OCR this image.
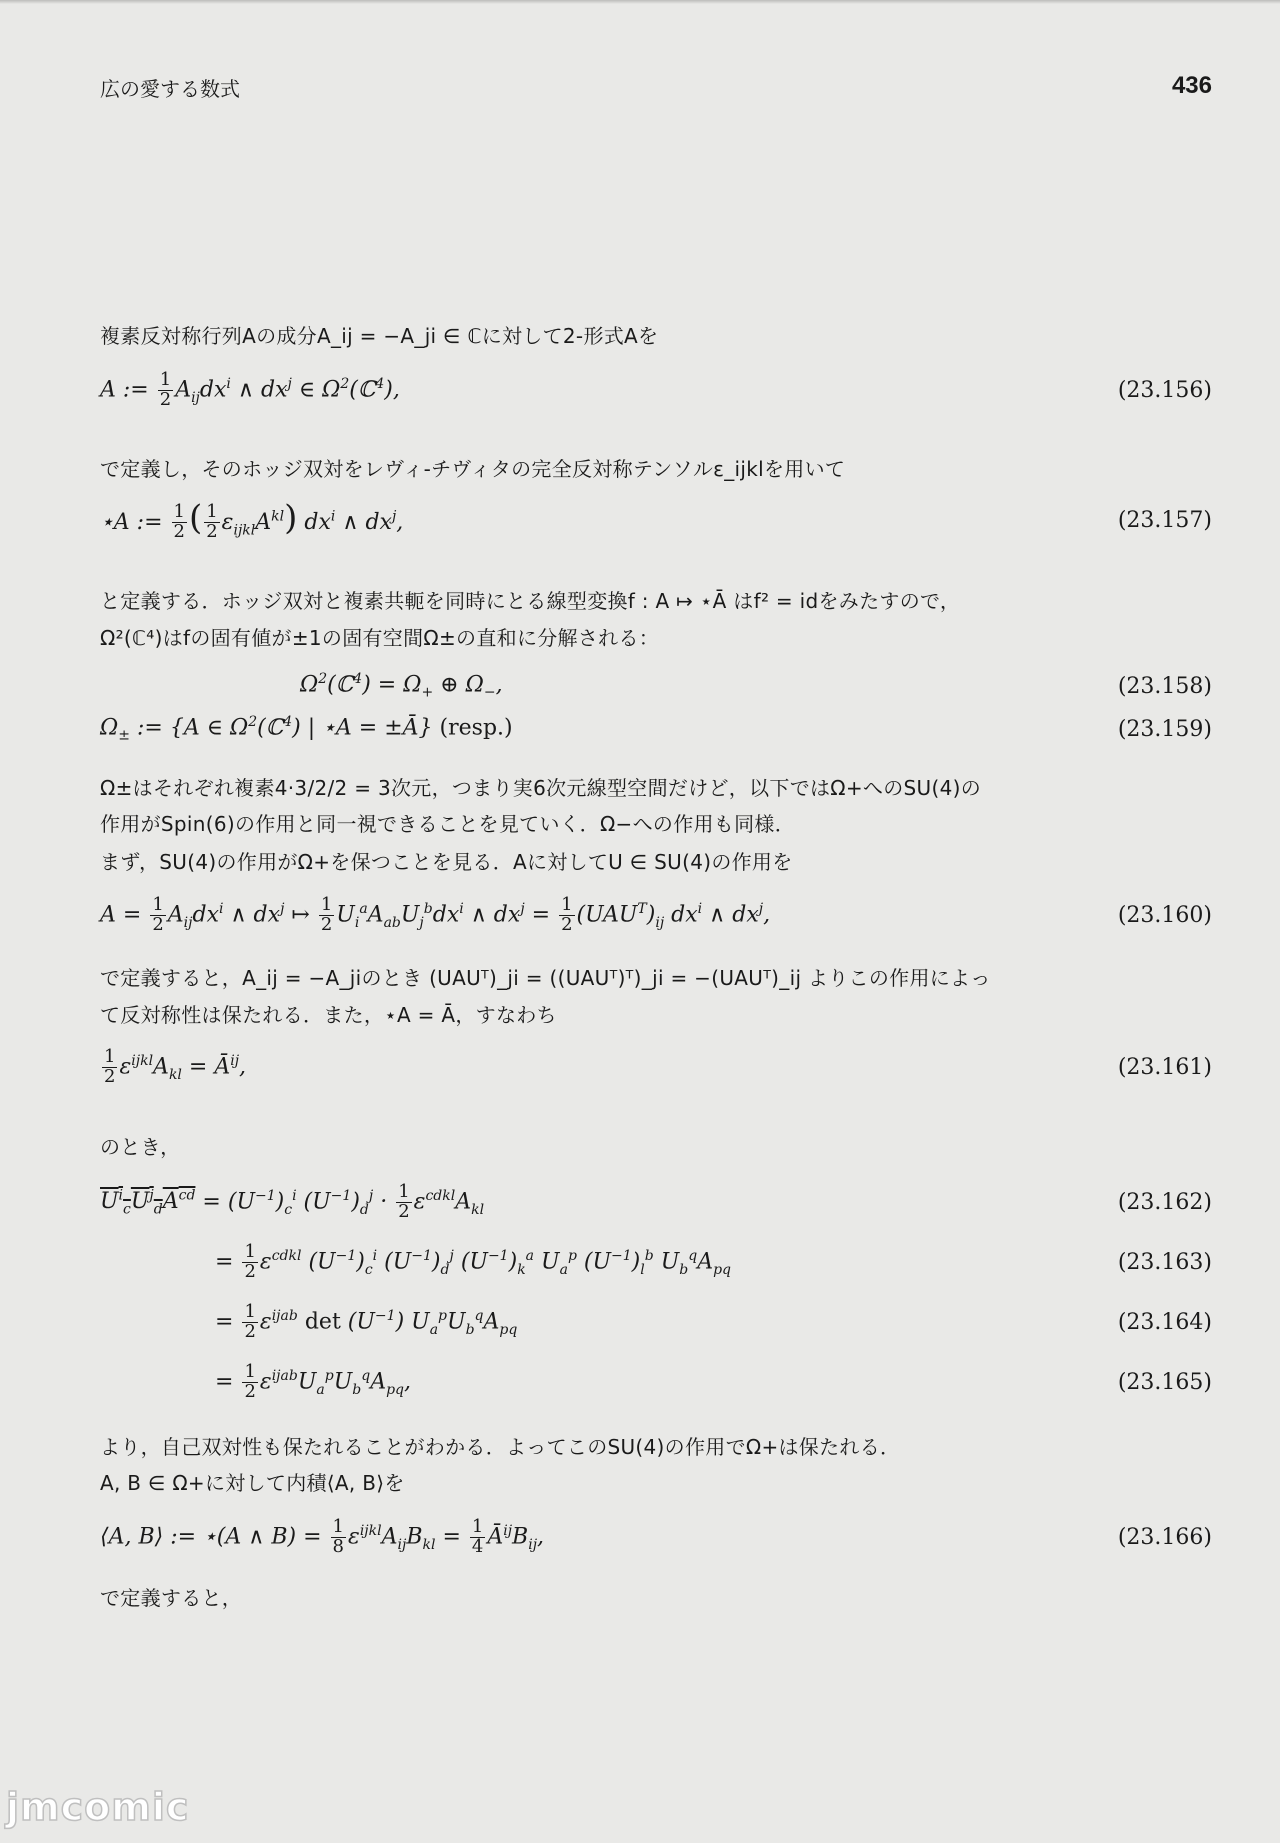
広の愛する数式	436
複素反対称行列Aの成分A_ij = −A_ji ∈ ℂに対して2-形式Aを
A := $\frac{1}{2} A_{ij}dx^i$ ∧ $dx^j$ ∈ $\Omega^2(ℂ^4)$,	(23.156)
で定義し，そのホッジ双対をレヴィ-チヴィタの完全反対称テンソルε_ijklを用いて
⋆A := $\frac{1}{2}$ ( $\frac{1}{2} \varepsilon_{ijkl}A^{kl}$) $dx^i$ ∧ $dx^j$,	(23.157)
と定義する．ホッジ双対と複素共軛を同時にとる線型変換f : A ↦ ⋆Ā はf² = idをみたすので，
Ω²(ℂ⁴)はfの固有値が±1の固有空間Ω±の直和に分解される：
$\Omega^2(ℂ^4) = \Omega_+$ ⊕ $\Omega_-$,	(23.158)
$\Omega_\pm$ := {A ∈ $\Omega^2(ℂ^4)$ | ⋆A = ±Ā} (resp.)	(23.159)
Ω±はそれぞれ複素4·3/2/2 = 3次元，つまり実6次元線型空間だけど，以下ではΩ+へのSU(4)の
作用がSpin(6)の作用と同一視できることを見ていく．Ω−への作用も同様．
まず，SU(4)の作用がΩ+を保つことを見る．Aに対してU ∈ SU(4)の作用を
$A = \frac{1}{2} A_{ij}dx^i$ ∧ $dx^j$ ↦ $\frac{1}{2} U_i^aA_{ab}U_j^bdx^i$ ∧ $dx^j = \frac{1}{2} (UAU^T)_{ij}$ $dx^i$ ∧ $dx^j$,	(23.160)
で定義すると，A_ij = −A_jiのとき (UAUᵀ)_ji = ((UAUᵀ)ᵀ)_ji = −(UAUᵀ)_ij よりこの作用によっ
て反対称性は保たれる．また，⋆A = Ā，すなわち
$\frac{1}{2} \varepsilon^{ijkl}A_{kl}$ = $Ā^{ij}$,	(23.161)
のとき，
$U^i_cU^j_dA^{cd} = (U^{-1})_c^i$ $(U^{-1})_d^j \cdot \frac{1}{2} \varepsilon^{cdkl}A_{kl}$	(23.162)
= $\frac{1}{2} \varepsilon^{cdkl}$ $(U^{-1})_c^i$ $(U^{-1})_d^j$ $(U^{-1})_k^a$ $U_a^p$ $(U^{-1})_l^b$ $U_b^qA_{pq}$	(23.163)
= $\frac{1}{2} \varepsilon^{ijab}$ $\det (U^{-1})$ $U_a^pU_b^qA_{pq}$	(23.164)
= $\frac{1}{2} \varepsilon^{ijab}U_a^pU_b^qA_{pq}$,	(23.165)
より，自己双対性も保たれることがわかる．よってこのSU(4)の作用でΩ+は保たれる．
A, B ∈ Ω+に対して内積⟨A, B⟩を
⟨A, B⟩ := ⋆(A ∧ $B) = \frac{1}{8} \varepsilon^{ijkl}A_{ij}B_{kl} = \frac{1}{4}$ $Ā^{ij}B_{ij}$,	(23.166)
で定義すると，
jmcomic
